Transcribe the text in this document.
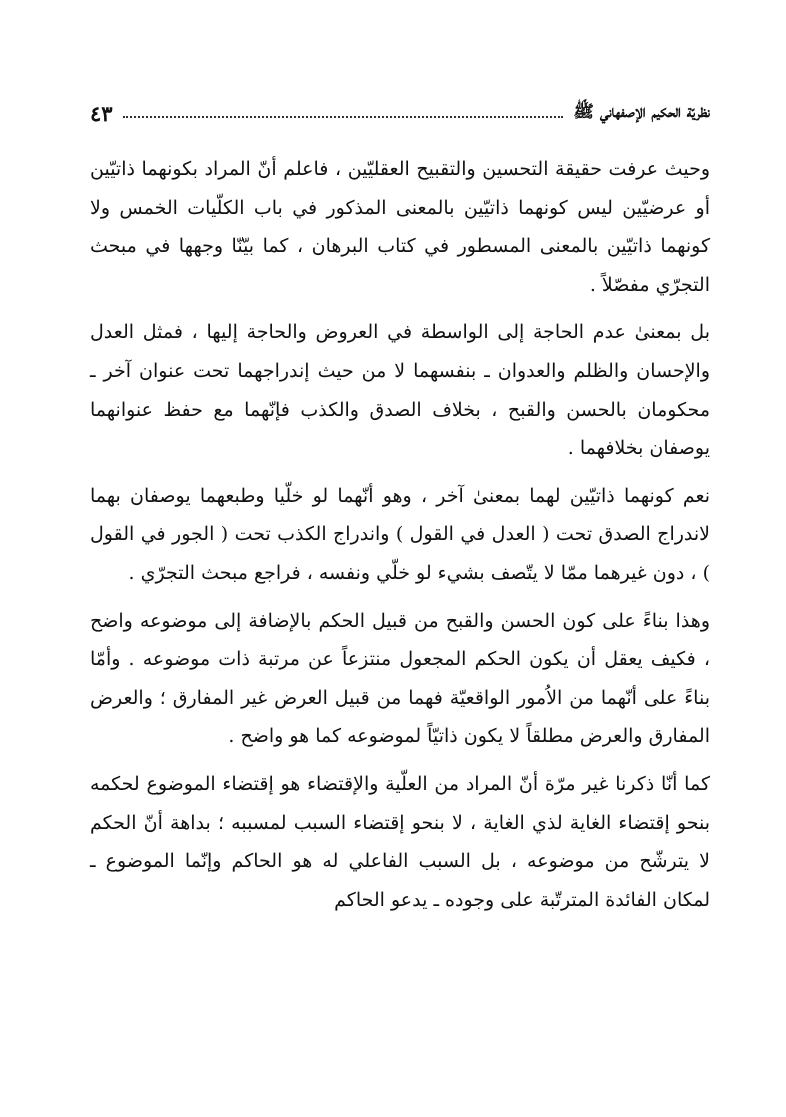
نظريّة الحكيم الإصفهاني ﷺ
٤٣

وحيث عرفت حقيقة التحسين والتقبيح العقليّين ، فاعلم أنّ المراد بكونهما ذاتيّين أو عرضيّين ليس كونهما ذاتيّين بالمعنى المذكور في باب الكلّيات الخمس ولا كونهما ذاتيّين بالمعنى المسطور في كتاب البرهان ، كما بيّنّا وجهها في مبحث التجرّي مفصّلاً .

بل بمعنىٰ عدم الحاجة إلى الواسطة في العروض والحاجة إليها ، فمثل العدل والإحسان والظلم والعدوان ـ بنفسهما لا من حيث إندراجهما تحت عنوان آخر ـ محكومان بالحسن والقبح ، بخلاف الصدق والكذب فإنّهما مع حفظ عنوانهما يوصفان بخلافهما .

نعم كونهما ذاتيّين لهما بمعنىٰ آخر ، وهو أنّهما لو خلّيا وطبعهما يوصفان بهما لاندراج الصدق تحت ( العدل في القول ) واندراج الكذب تحت ( الجور في القول ) ، دون غيرهما ممّا لا يتّصف بشيء لو خلّي ونفسه ، فراجع مبحث التجرّي .

وهذا بناءً على كون الحسن والقبح من قبيل الحكم بالإضافة إلى موضوعه واضح ، فكيف يعقل أن يكون الحكم المجعول منتزعاً عن مرتبة ذات موضوعه . وأمّا بناءً على أنّهما من الاُمور الواقعيّة فهما من قبيل العرض غير المفارق ؛ والعرض المفارق والعرض مطلقاً لا يكون ذاتيّاً لموضوعه كما هو واضح .

كما أنّا ذكرنا غير مرّة أنّ المراد من العلّية والإقتضاء هو إقتضاء الموضوع لحكمه بنحو إقتضاء الغاية لذي الغاية ، لا بنحو إقتضاء السبب لمسببه ؛ بداهة أنّ الحكم لا يترشّح من موضوعه ، بل السبب الفاعلي له هو الحاكم وإنّما الموضوع ـ لمكان الفائدة المترتّبة على وجوده ـ يدعو الحاكم
